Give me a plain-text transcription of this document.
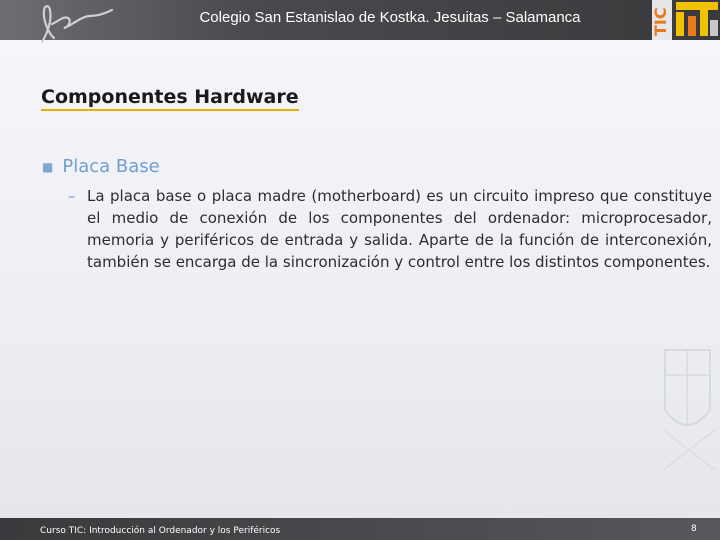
Colegio San Estanislao de Kostka. Jesuitas – Salamanca	TIC
Componentes Hardware
■ Placa Base
– La placa base o placa madre (motherboard) es un circuito impreso que constituye el medio de conexión de los componentes del ordenador: microprocesador, memoria y periféricos de entrada y salida. Aparte de la función de interconexión, también se encarga de la sincronización y control entre los distintos componentes.
Curso TIC: Introducción al Ordenador y los Periféricos	8
